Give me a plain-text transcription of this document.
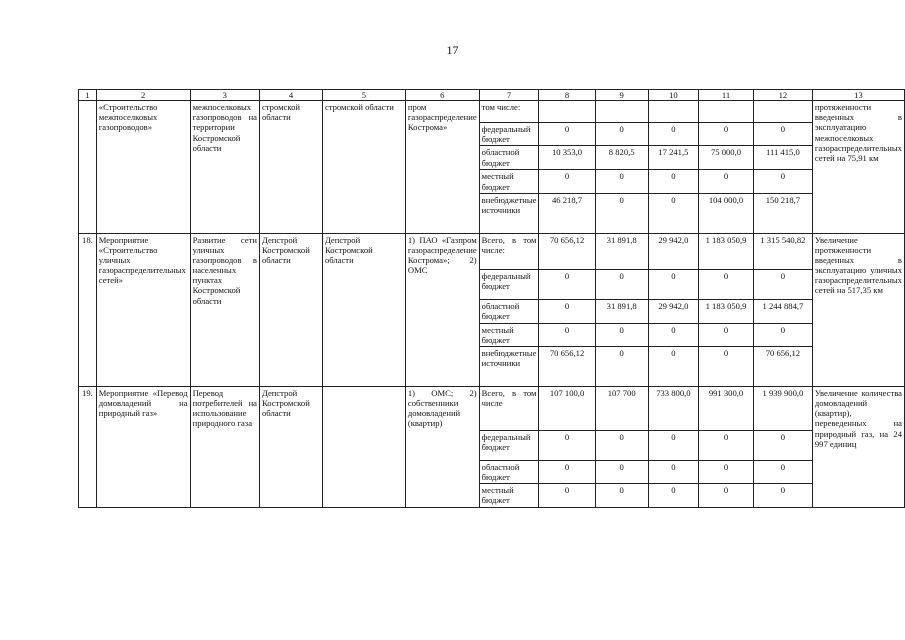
17
1	2	3	4	5	6	7	8	9	10	11	12	13
	«Строительство межпоселковых газопроводов»	межпоселковых газопроводов на территории Костромской области	стромской области	стромской области	пром газораспределение Кострома»	том числе:						протяженности введенных в эксплуатацию межпоселковых газораспределительных сетей на 75,91 км
						федеральный бюджет	0	0	0	0	0	
						областной бюджет	10 353,0	8 820,5	17 241,5	75 000,0	111 415,0	
						местный бюджет	0	0	0	0	0	
						внебюджетные источники	46 218,7	0	0	104 000,0	150 218,7	
18.	Мероприятие «Строительство уличных газораспределительных сетей»	Развитие сети уличных газопроводов в населенных пунктах Костромской области	Депстрой Костромской области	Депстрой Костромской области	1) ПАО «Газпром газораспределение Кострома»; 2) ОМС	Всего, в том числе:	70 656,12	31 891,8	29 942,0	1 183 050,9	1 315 540,82	Увеличение протяженности введенных в эксплуатацию уличных газораспределительных сетей на 517,35 км
						федеральный бюджет	0	0	0	0	0	
						областной бюджет	0	31 891,8	29 942,0	1 183 050,9	1 244 884,7	
						местный бюджет	0	0	0	0	0	
						внебюджетные источники	70 656,12	0	0	0	70 656,12	
19.	Мероприятие «Перевод домовладений на природный газ»	Перевод потребителей на использование природного газа	Депстрой Костромской области		1) ОМС; 2) собственники домовладений (квартир)	Всего, в том числе	107 100,0	107 700	733 800,0	991 300,0	1 939 900,0	Увеличение количества домовладений (квартир), переведенных на природный газ, на 24 997 единиц
						федеральный бюджет	0	0	0	0	0	
						областной бюджет	0	0	0	0	0	
						местный бюджет	0	0	0	0	0	
